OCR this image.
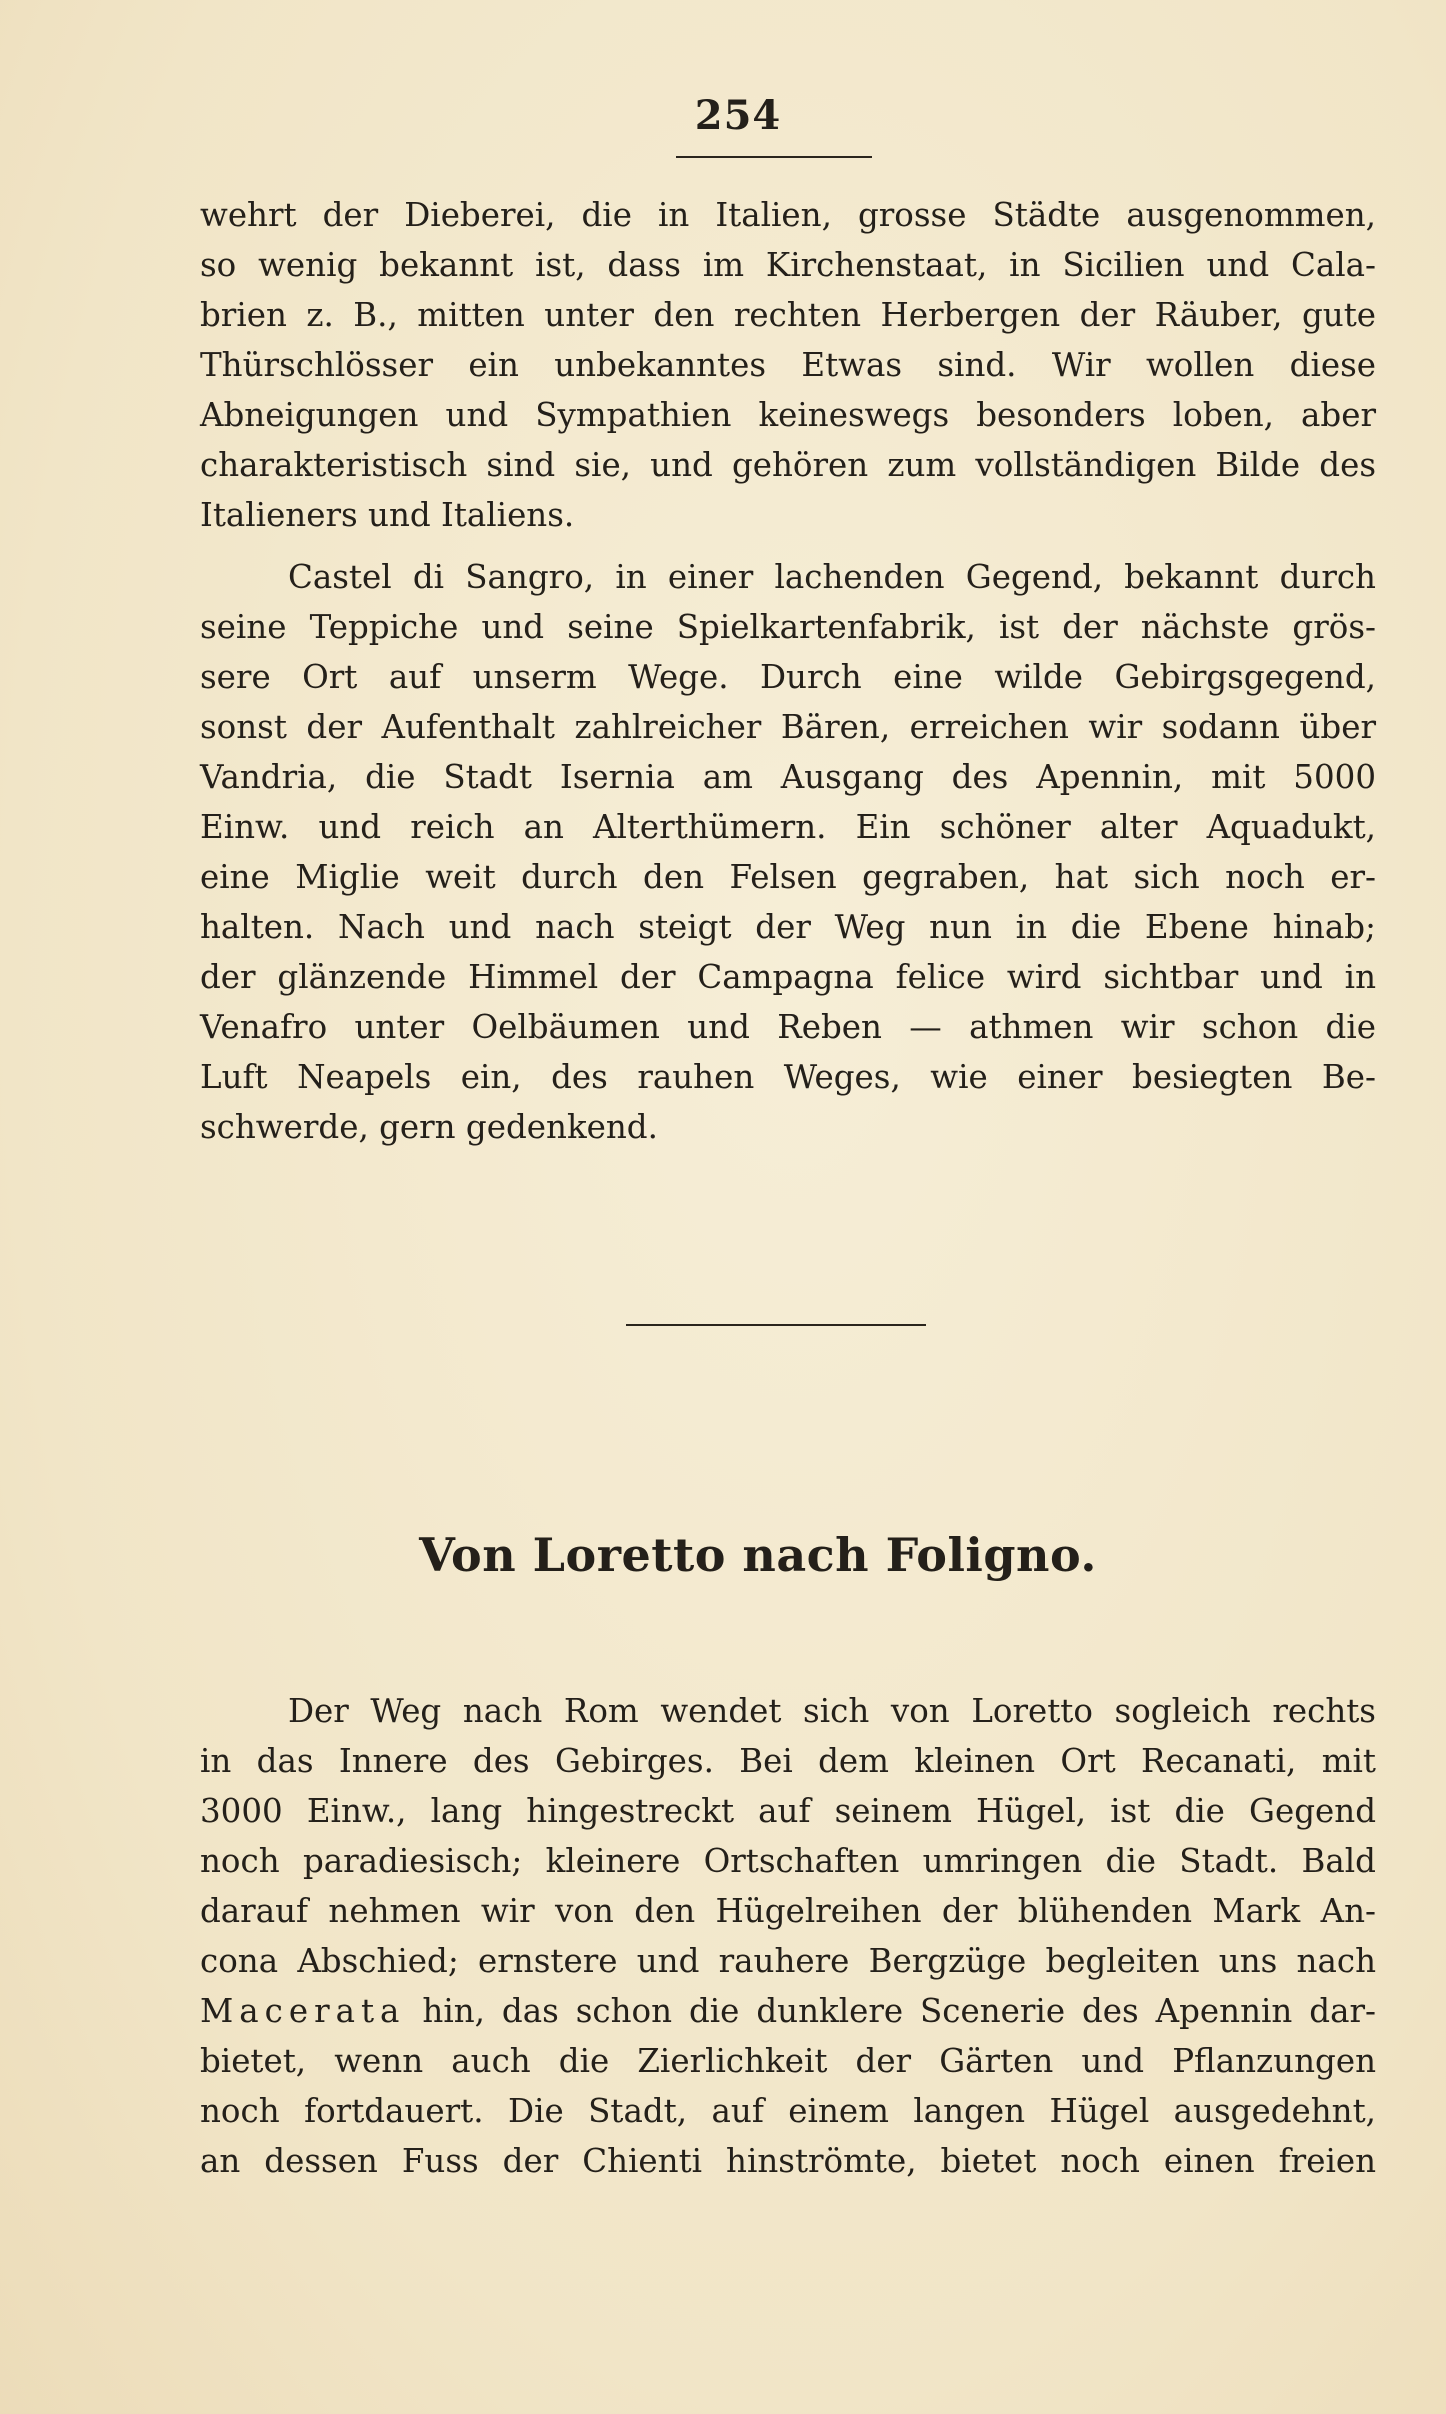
254
wehrt der Dieberei, die in Italien, grosse Städte ausgenommen,
so wenig bekannt ist, dass im Kirchenstaat, in Sicilien und Cala-
brien z. B., mitten unter den rechten Herbergen der Räuber, gute
Thürschlösser ein unbekanntes Etwas sind. Wir wollen diese
Abneigungen und Sympathien keineswegs besonders loben, aber
charakteristisch sind sie, und gehören zum vollständigen Bilde des
Italieners und Italiens.
Castel di Sangro, in einer lachenden Gegend, bekannt durch
seine Teppiche und seine Spielkartenfabrik, ist der nächste grös-
sere Ort auf unserm Wege. Durch eine wilde Gebirgsgegend,
sonst der Aufenthalt zahlreicher Bären, erreichen wir sodann über
Vandria, die Stadt Isernia am Ausgang des Apennin, mit 5000
Einw. und reich an Alterthümern. Ein schöner alter Aquadukt,
eine Miglie weit durch den Felsen gegraben, hat sich noch er-
halten. Nach und nach steigt der Weg nun in die Ebene hinab;
der glänzende Himmel der Campagna felice wird sichtbar und in
Venafro unter Oelbäumen und Reben — athmen wir schon die
Luft Neapels ein, des rauhen Weges, wie einer besiegten Be-
schwerde, gern gedenkend.
Von Loretto nach Foligno.
Der Weg nach Rom wendet sich von Loretto sogleich rechts
in das Innere des Gebirges. Bei dem kleinen Ort Recanati, mit
3000 Einw., lang hingestreckt auf seinem Hügel, ist die Gegend
noch paradiesisch; kleinere Ortschaften umringen die Stadt. Bald
darauf nehmen wir von den Hügelreihen der blühenden Mark An-
cona Abschied; ernstere und rauhere Bergzüge begleiten uns nach
Macerata hin, das schon die dunklere Scenerie des Apennin dar-
bietet, wenn auch die Zierlichkeit der Gärten und Pflanzungen
noch fortdauert. Die Stadt, auf einem langen Hügel ausgedehnt,
an dessen Fuss der Chienti hinströmte, bietet noch einen freien
